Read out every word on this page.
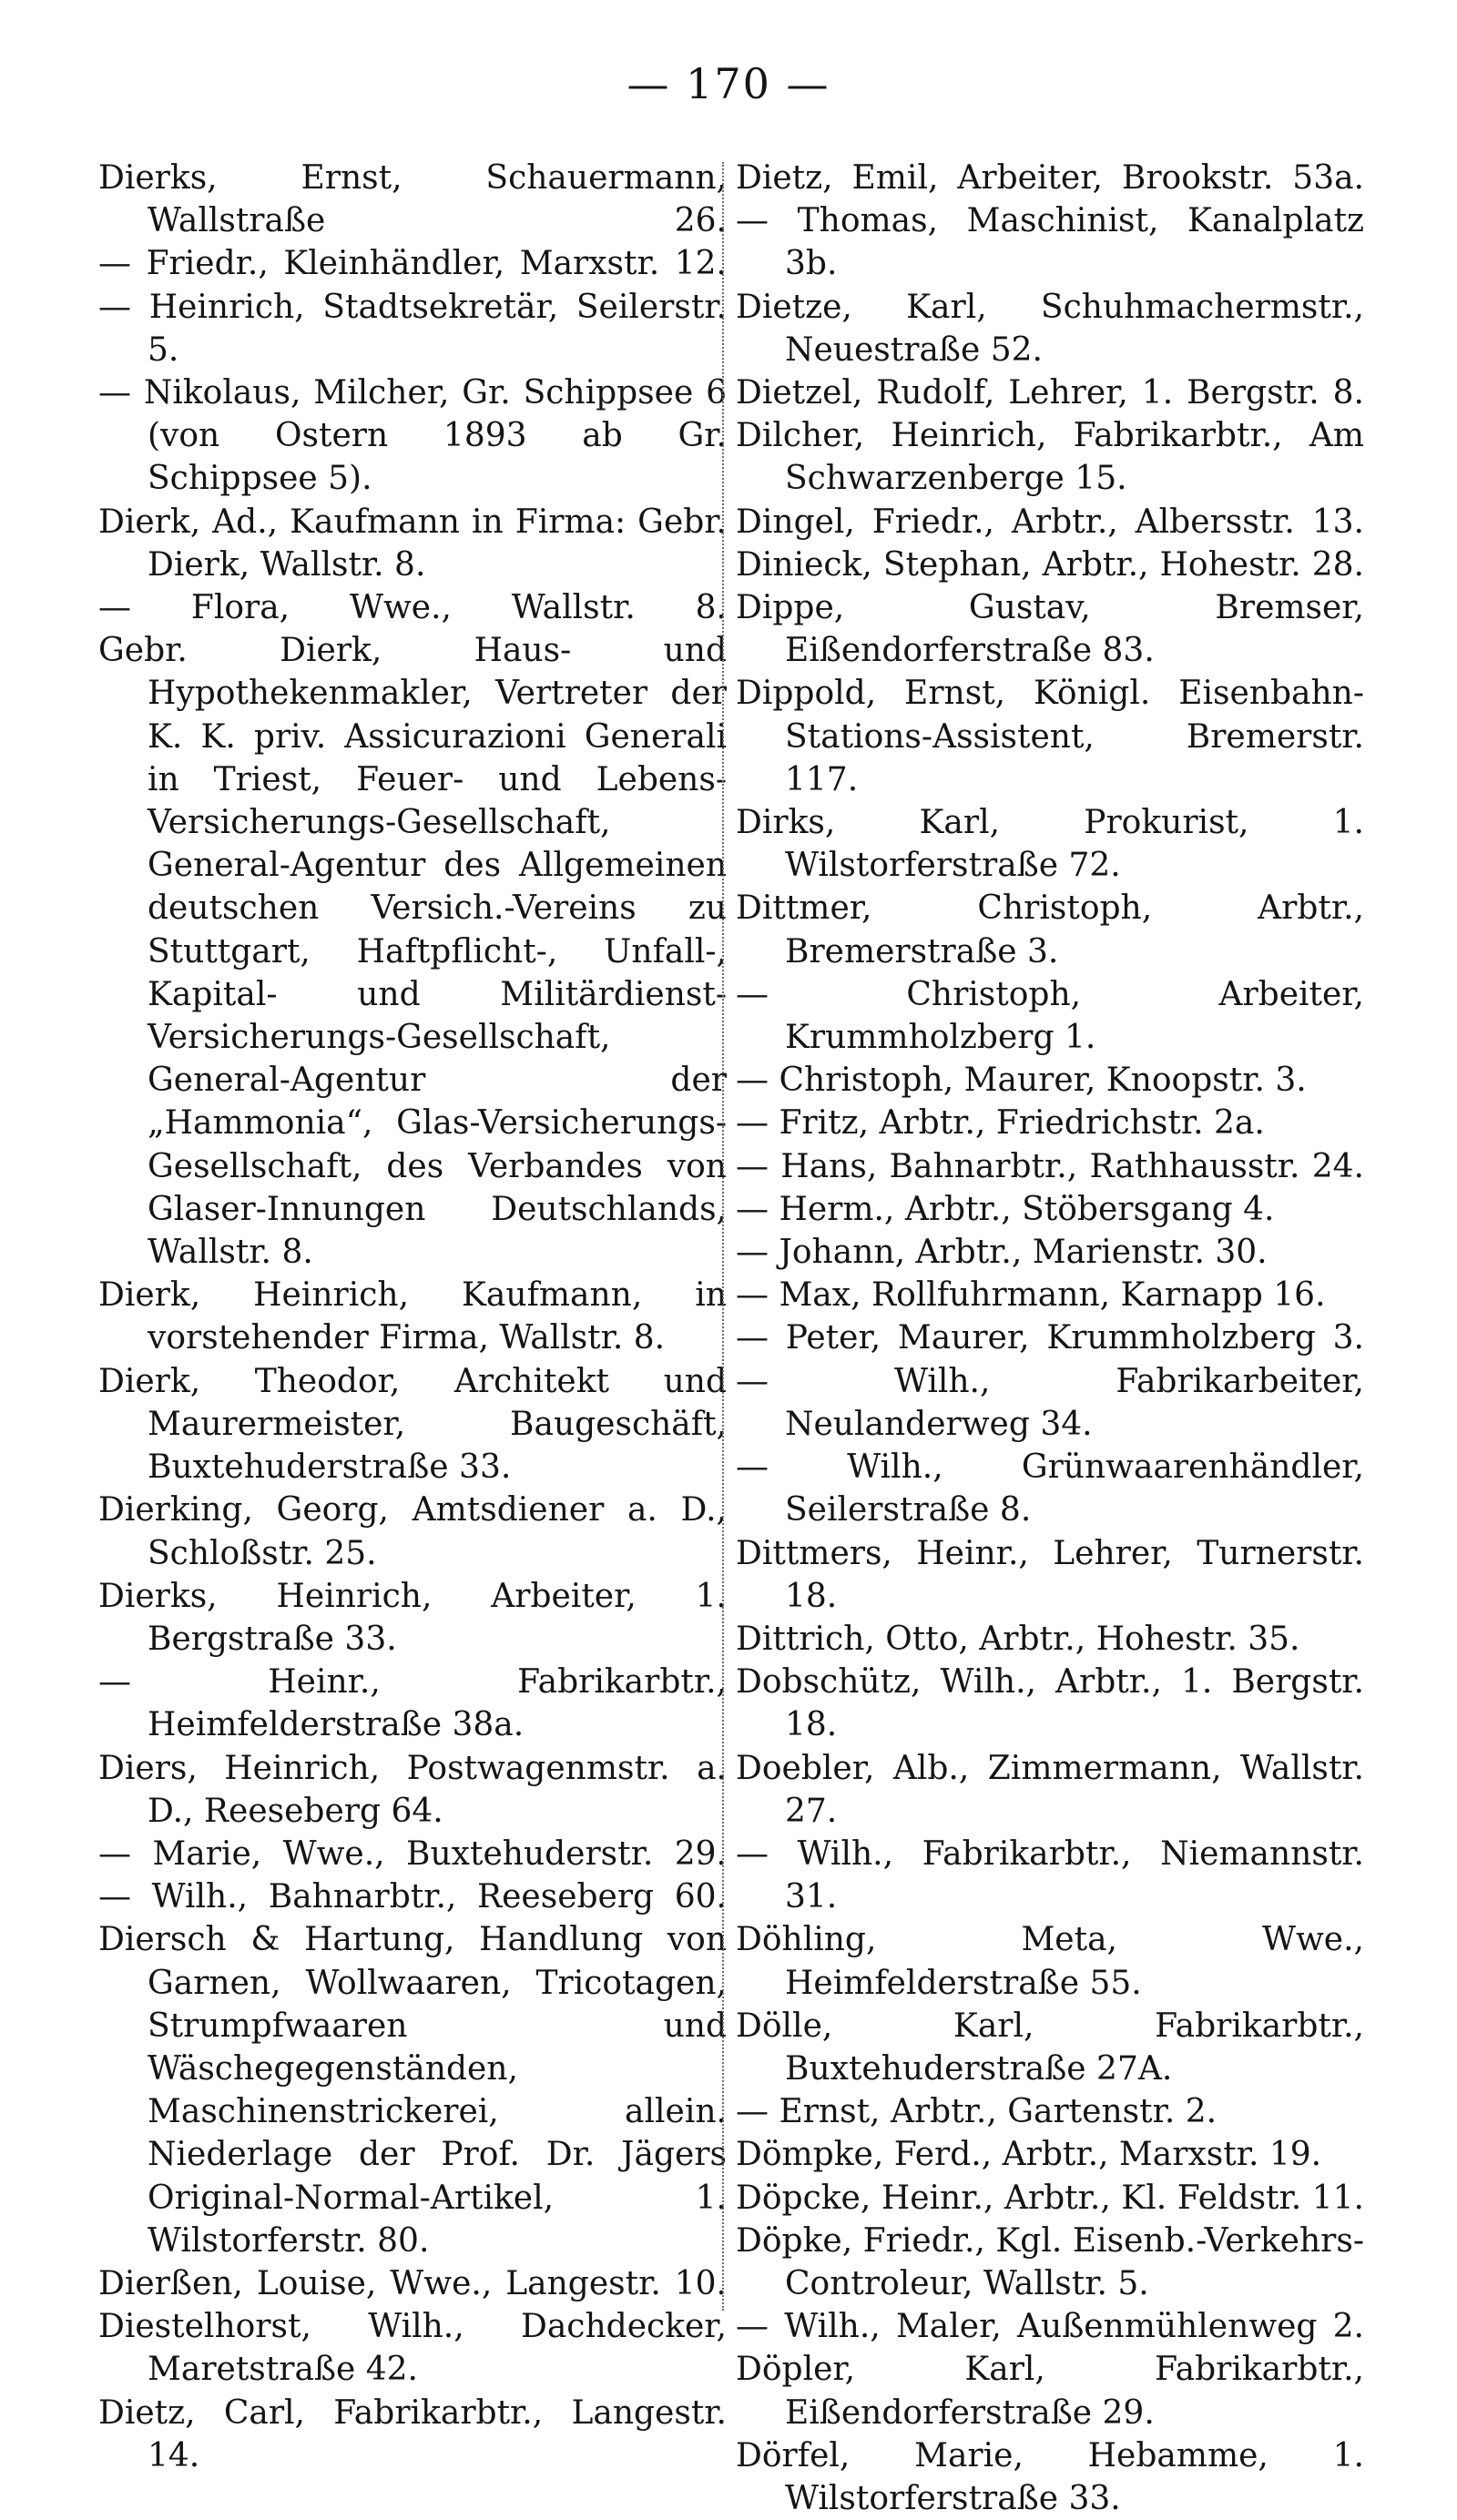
— 170 —

Dierks, Ernst, Schauermann, Wallstraße 26.

— Friedr., Kleinhändler, Marxstr. 12.

— Heinrich, Stadtsekretär, Seilerstr. 5.

— Nikolaus, Milcher, Gr. Schippsee 6 (von Ostern 1893 ab Gr. Schippsee 5).

Dierk, Ad., Kaufmann in Firma: Gebr. Dierk, Wallstr. 8.

— Flora, Wwe., Wallstr. 8.

Gebr. Dierk, Haus- und Hypothekenmakler, Vertreter der K. K. priv. Assicurazioni Generali in Triest, Feuer- und Lebens-Versicherungs-Gesellschaft, General-Agentur des Allgemeinen deutschen Versich.-Vereins zu Stuttgart, Haftpflicht-, Unfall-, Kapital- und Militärdienst-Versicherungs-Gesellschaft, General-Agentur der „Hammonia“, Glas-Versicherungs-Gesellschaft, des Verbandes von Glaser-Innungen Deutschlands, Wallstr. 8.

Dierk, Heinrich, Kaufmann, in vorstehender Firma, Wallstr. 8.

Dierk, Theodor, Architekt und Maurermeister, Baugeschäft, Buxtehuderstraße 33.

Dierking, Georg, Amtsdiener a. D., Schloßstr. 25.

Dierks, Heinrich, Arbeiter, 1. Bergstraße 33.

— Heinr., Fabrikarbtr., Heimfelderstraße 38a.

Diers, Heinrich, Postwagenmstr. a. D., Reeseberg 64.

— Marie, Wwe., Buxtehuderstr. 29.

— Wilh., Bahnarbtr., Reeseberg 60.

Diersch & Hartung, Handlung von Garnen, Wollwaaren, Tricotagen, Strumpfwaaren und Wäschegegenständen, Maschinenstrickerei, allein. Niederlage der Prof. Dr. Jägers Original-Normal-Artikel, 1. Wilstorferstr. 80.

Dierßen, Louise, Wwe., Langestr. 10.

Diestelhorst, Wilh., Dachdecker, Maretstraße 42.

Dietz, Carl, Fabrikarbtr., Langestr. 14.

Dietz, Emil, Arbeiter, Brookstr. 53a.

— Thomas, Maschinist, Kanalplatz 3b.

Dietze, Karl, Schuhmachermstr., Neuestraße 52.

Dietzel, Rudolf, Lehrer, 1. Bergstr. 8.

Dilcher, Heinrich, Fabrikarbtr., Am Schwarzenberge 15.

Dingel, Friedr., Arbtr., Albersstr. 13.

Dinieck, Stephan, Arbtr., Hohestr. 28.

Dippe, Gustav, Bremser, Eißendorferstraße 83.

Dippold, Ernst, Königl. Eisenbahn-Stations-Assistent, Bremerstr. 117.

Dirks, Karl, Prokurist, 1. Wilstorferstraße 72.

Dittmer, Christoph, Arbtr., Bremerstraße 3.

— Christoph, Arbeiter, Krummholzberg 1.

— Christoph, Maurer, Knoopstr. 3.

— Fritz, Arbtr., Friedrichstr. 2a.

— Hans, Bahnarbtr., Rathhausstr. 24.

— Herm., Arbtr., Stöbersgang 4.

— Johann, Arbtr., Marienstr. 30.

— Max, Rollfuhrmann, Karnapp 16.

— Peter, Maurer, Krummholzberg 3.

— Wilh., Fabrikarbeiter, Neulanderweg 34.

— Wilh., Grünwaarenhändler, Seilerstraße 8.

Dittmers, Heinr., Lehrer, Turnerstr. 18.

Dittrich, Otto, Arbtr., Hohestr. 35.

Dobschütz, Wilh., Arbtr., 1. Bergstr. 18.

Doebler, Alb., Zimmermann, Wallstr. 27.

— Wilh., Fabrikarbtr., Niemannstr. 31.

Döhling, Meta, Wwe., Heimfelderstraße 55.

Dölle, Karl, Fabrikarbtr., Buxtehuderstraße 27A.

— Ernst, Arbtr., Gartenstr. 2.

Dömpke, Ferd., Arbtr., Marxstr. 19.

Döpcke, Heinr., Arbtr., Kl. Feldstr. 11.

Döpke, Friedr., Kgl. Eisenb.-Verkehrs-Controleur, Wallstr. 5.

— Wilh., Maler, Außenmühlenweg 2.

Döpler, Karl, Fabrikarbtr., Eißendorferstraße 29.

Dörfel, Marie, Hebamme, 1. Wilstorferstraße 33.
